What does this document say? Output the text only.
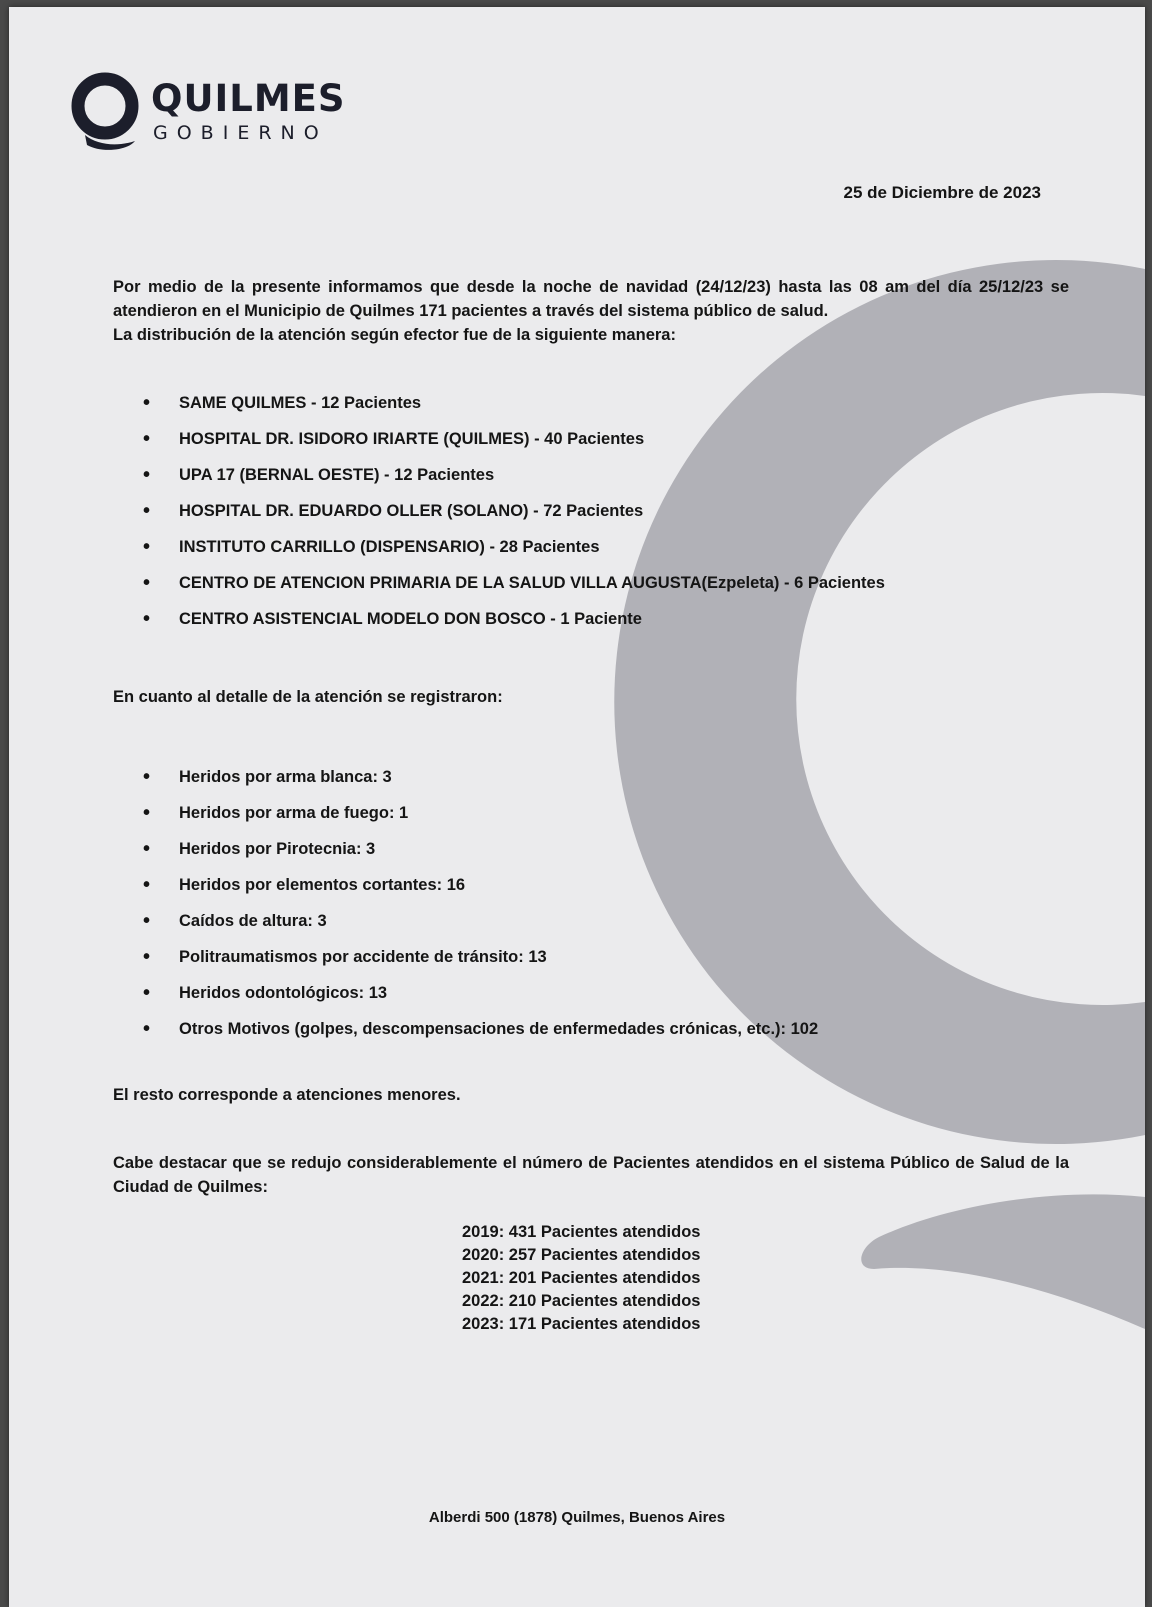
QUILMES
GOBIERNO
25 de Diciembre de 2023

Por medio de la presente informamos que desde la noche de navidad (24/12/23) hasta las 08 am del día 25/12/23 se
atendieron en el Municipio de Quilmes 171 pacientes a través del sistema público de salud.
La distribución de la atención según efector fue de la siguiente manera:

• SAME QUILMES - 12 Pacientes
• HOSPITAL DR. ISIDORO IRIARTE (QUILMES) - 40 Pacientes
• UPA 17 (BERNAL OESTE) - 12 Pacientes
• HOSPITAL DR. EDUARDO OLLER (SOLANO) - 72 Pacientes
• INSTITUTO CARRILLO (DISPENSARIO) - 28 Pacientes
• CENTRO DE ATENCION PRIMARIA DE LA SALUD VILLA AUGUSTA(Ezpeleta) - 6 Pacientes
• CENTRO ASISTENCIAL MODELO DON BOSCO - 1 Paciente
En cuanto al detalle de la atención se registraron:
• Heridos por arma blanca: 3
• Heridos por arma de fuego: 1
• Heridos por Pirotecnia: 3
• Heridos por elementos cortantes: 16
• Caídos de altura: 3
• Politraumatismos por accidente de tránsito: 13
• Heridos odontológicos: 13
• Otros Motivos (golpes, descompensaciones de enfermedades crónicas, etc.): 102
El resto corresponde a atenciones menores.
Cabe destacar que se redujo considerablemente el número de Pacientes atendidos en el sistema Público de Salud de la
Ciudad de Quilmes:
2019: 431 Pacientes atendidos
2020: 257 Pacientes atendidos
2021: 201 Pacientes atendidos
2022: 210 Pacientes atendidos
2023: 171 Pacientes atendidos
Alberdi 500 (1878) Quilmes, Buenos Aires
